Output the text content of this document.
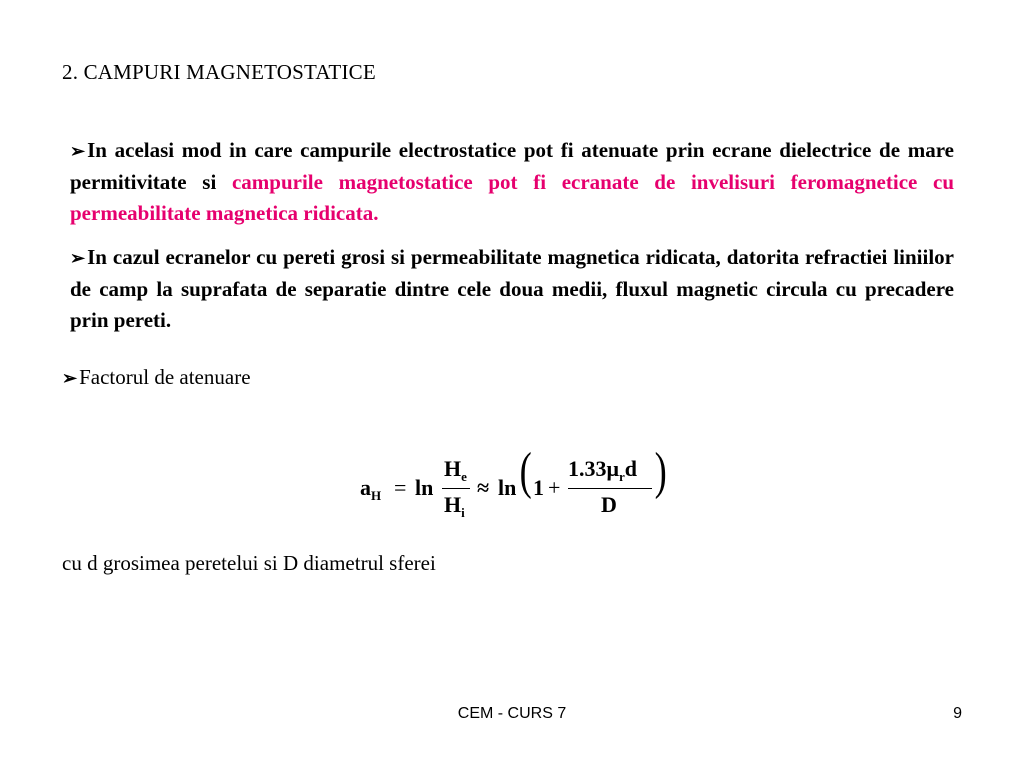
2. CAMPURI MAGNETOSTATICE
➢In acelasi mod in care campurile electrostatice pot fi atenuate prin ecrane dielectrice de mare permitivitate si campurile magnetostatice pot fi ecranate de invelisuri feromagnetice cu permeabilitate magnetica ridicata.
➢In cazul ecranelor cu pereti grosi si permeabilitate magnetica ridicata, datorita refractiei liniilor de camp la suprafata de separatie dintre cele doua medii, fluxul magnetic circula cu precadere prin pereti.
➢Factorul de atenuare
$a_H = \ln$
$H_e$
$H_i$
≈ ln ( 1 +
$1.33\mu_rd$
D
)
cu d grosimea peretelui si D diametrul sferei
CEM - CURS 7	9
